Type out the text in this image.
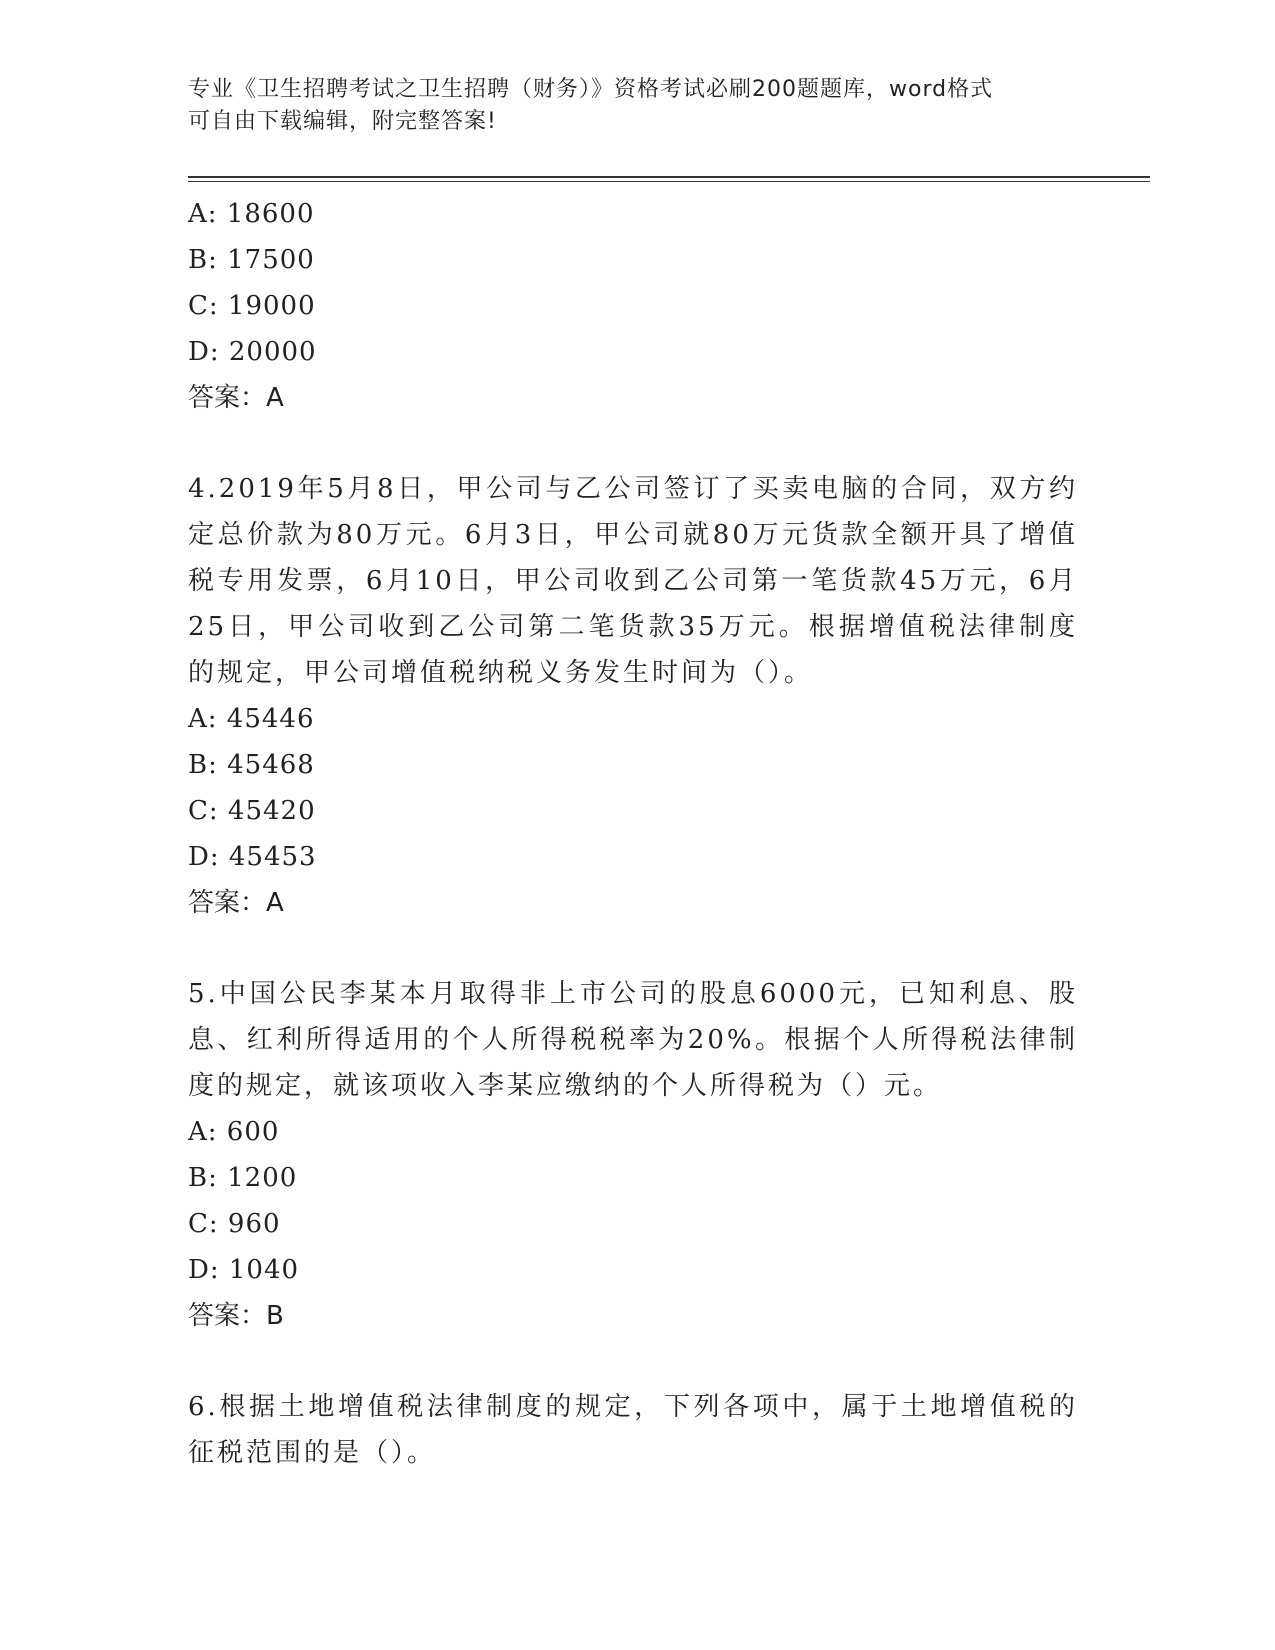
专业《卫生招聘考试之卫生招聘（财务）》资格考试必刷200题题库，word格式
可自由下载编辑，附完整答案!
A: 18600
B: 17500
C: 19000
D: 20000
答案：A
4.2019年5月8日，甲公司与乙公司签订了买卖电脑的合同，双方约定总价款为80万元。6月3日，甲公司就80万元货款全额开具了增值税专用发票，6月10日，甲公司收到乙公司第一笔货款45万元，6月25日，甲公司收到乙公司第二笔货款35万元。根据增值税法律制度的规定，甲公司增值税纳税义务发生时间为（）。
A: 45446
B: 45468
C: 45420
D: 45453
答案：A
5.中国公民李某本月取得非上市公司的股息6000元，已知利息、股息、红利所得适用的个人所得税税率为20%。根据个人所得税法律制度的规定，就该项收入李某应缴纳的个人所得税为（）元。
A: 600
B: 1200
C: 960
D: 1040
答案：B
6.根据土地增值税法律制度的规定，下列各项中，属于土地增值税的征税范围的是（）。
